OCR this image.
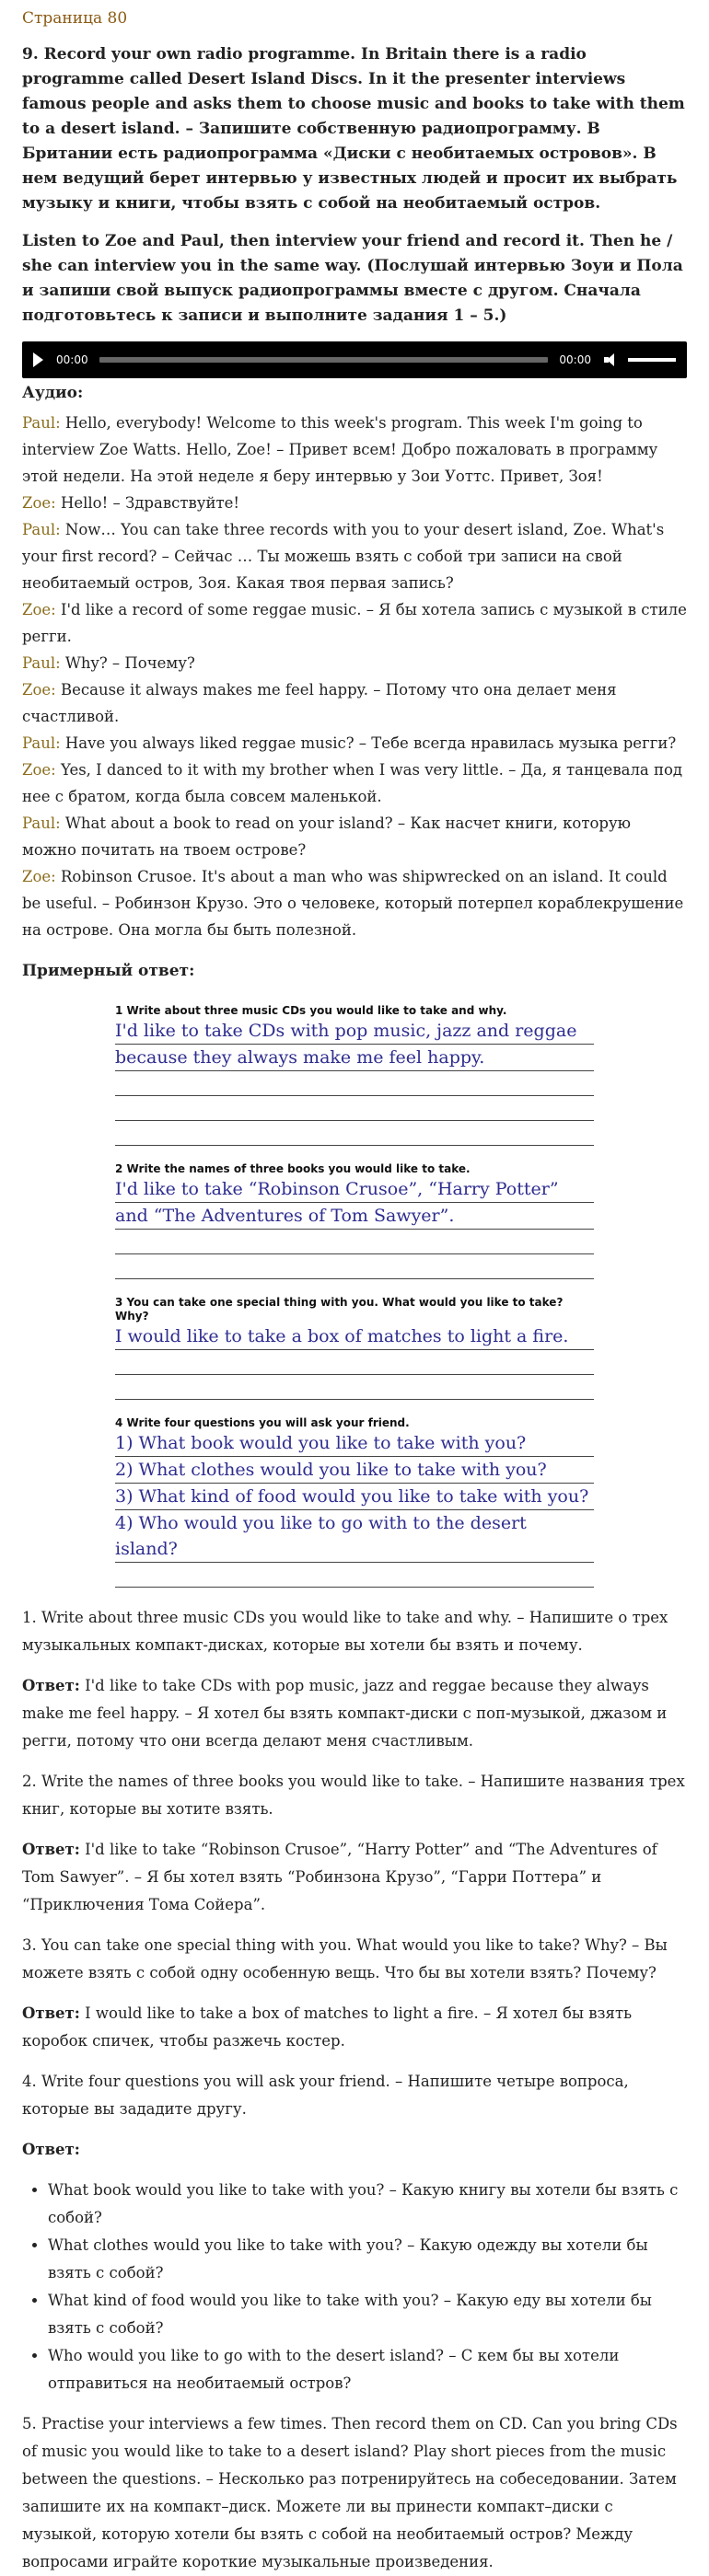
Страница 80

9. Record your own radio programme. In Britain there is a radio programme called Desert Island Discs. In it the presenter interviews famous people and asks them to choose music and books to take with them to a desert island. – Запишите собственную радиопрограмму. В Британии есть радиопрограмма «Диски с необитаемых островов». В нем ведущий берет интервью у известных людей и просит их выбрать музыку и книги, чтобы взять с собой на необитаемый остров.

Listen to Zoe and Paul, then interview your friend and record it. Then he / she can interview you in the same way. (Послушай интервью Зоуи и Пола и запиши свой выпуск радиопрограммы вместе с другом. Сначала подготовьтесь к записи и выполните задания 1 – 5.)

00:00	00:00
Аудио:

Paul: Hello, everybody! Welcome to this week's program. This week I'm going to interview Zoe Watts. Hello, Zoe! – Привет всем! Добро пожаловать в программу этой недели. На этой неделе я беру интервью у Зои Уоттс. Привет, Зоя!

Zoe: Hello! – Здравствуйте!

Paul: Now… You can take three records with you to your desert island, Zoe. What's your first record? – Сейчас … Ты можешь взять с собой три записи на свой необитаемый остров, Зоя. Какая твоя первая запись?

Zoe: I'd like a record of some reggae music. – Я бы хотела запись с музыкой в стиле регги.

Paul: Why? – Почему?

Zoe: Because it always makes me feel happy. – Потому что она делает меня счастливой.

Paul: Have you always liked reggae music? – Тебе всегда нравилась музыка регги?

Zoe: Yes, I danced to it with my brother when I was very little. – Да, я танцевала под нее с братом, когда была совсем маленькой.

Paul: What about a book to read on your island? – Как насчет книги, которую можно почитать на твоем острове?

Zoe: Robinson Crusoe. It's about a man who was shipwrecked on an island. It could be useful. – Робинзон Крузо. Это о человеке, который потерпел кораблекрушение на острове. Она могла бы быть полезной.

Примерный ответ:
1 Write about three music CDs you would like to take and why.
I'd like to take CDs with pop music, jazz and reggae
because they always make me feel happy.
2 Write the names of three books you would like to take.
I'd like to take “Robinson Crusoe”, “Harry Potter”
and “The Adventures of Tom Sawyer”.
3 You can take one special thing with you. What would you like to take? Why?
I would like to take a box of matches to light a fire.
4 Write four questions you will ask your friend.
1) What book would you like to take with you?
2) What clothes would you like to take with you?
3) What kind of food would you like to take with you?
4) Who would you like to go with to the desert island?

1. Write about three music CDs you would like to take and why. – Напишите о трех музыкальных компакт-дисках, которые вы хотели бы взять и почему.

Ответ: I'd like to take CDs with pop music, jazz and reggae because they always make me feel happy. – Я хотел бы взять компакт-диски с поп-музыкой, джазом и регги, потому что они всегда делают меня счастливым.

2. Write the names of three books you would like to take. – Напишите названия трех книг, которые вы хотите взять.

Ответ: I'd like to take “Robinson Crusoe”, “Harry Potter” and “The Adventures of Tom Sawyer”. – Я бы хотел взять “Робинзона Крузо”, “Гарри Поттера” и “Приключения Тома Сойера”.

3. You can take one special thing with you. What would you like to take? Why? – Вы можете взять с собой одну особенную вещь. Что бы вы хотели взять? Почему?

Ответ: I would like to take a box of matches to light a fire. – Я хотел бы взять коробок спичек, чтобы разжечь костер.

4. Write four questions you will ask your friend. – Напишите четыре вопроса, которые вы зададите другу.

Ответ:

• What book would you like to take with you? – Какую книгу вы хотели бы взять с собой?
• What clothes would you like to take with you? – Какую одежду вы хотели бы взять с собой?
• What kind of food would you like to take with you? – Какую еду вы хотели бы взять с собой?
• Who would you like to go with to the desert island? – С кем бы вы хотели отправиться на необитаемый остров?

5. Practise your interviews a few times. Then record them on CD. Can you bring CDs of music you would like to take to a desert island? Play short pieces from the music between the questions. – Несколько раз потренируйтесь на собеседовании. Затем запишите их на компакт–диск. Можете ли вы принести компакт–диски с музыкой, которую хотели бы взять с собой на необитаемый остров? Между вопросами играйте короткие музыкальные произведения.
